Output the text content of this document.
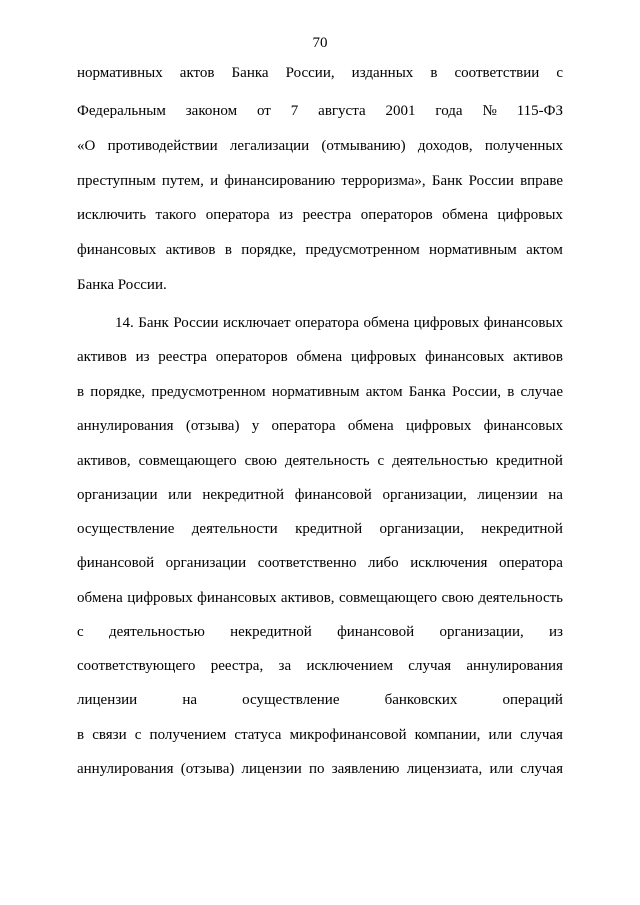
70
нормативных актов Банка России, изданных в соответствии с
Федеральным законом от 7 августа 2001 года № 115-ФЗ
«О противодействии легализации (отмыванию) доходов, полученных
преступным путем, и финансированию терроризма», Банк России вправе
исключить такого оператора из реестра операторов обмена цифровых
финансовых активов в порядке, предусмотренном нормативным актом
Банка России.
14. Банк России исключает оператора обмена цифровых финансовых
активов из реестра операторов обмена цифровых финансовых активов
в порядке, предусмотренном нормативным актом Банка России, в случае
аннулирования (отзыва) у оператора обмена цифровых финансовых
активов, совмещающего свою деятельность с деятельностью кредитной
организации или некредитной финансовой организации, лицензии на
осуществление деятельности кредитной организации, некредитной
финансовой организации соответственно либо исключения оператора
обмена цифровых финансовых активов, совмещающего свою деятельность
с деятельностью некредитной финансовой организации, из
соответствующего реестра, за исключением случая аннулирования
лицензии	на	осуществление	банковских	операций
в связи с получением статуса микрофинансовой компании, или случая
аннулирования (отзыва) лицензии по заявлению лицензиата, или случая
